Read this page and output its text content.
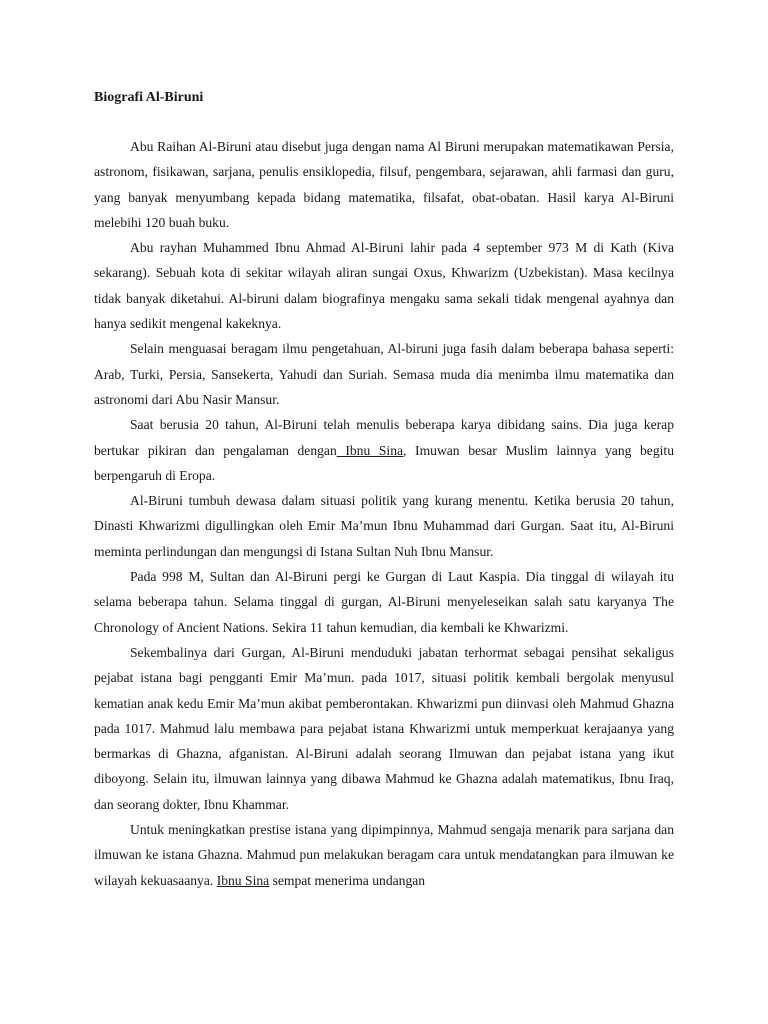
Biografi Al-Biruni

Abu Raihan Al-Biruni atau disebut juga dengan nama Al Biruni merupakan matematikawan Persia, astronom, fisikawan, sarjana, penulis ensiklopedia, filsuf, pengembara, sejarawan, ahli farmasi dan guru, yang banyak menyumbang kepada bidang matematika, filsafat, obat-obatan. Hasil karya Al-Biruni melebihi 120 buah buku.

Abu rayhan Muhammed Ibnu Ahmad Al-Biruni lahir pada 4 september 973 M di Kath (Kiva sekarang). Sebuah kota di sekitar wilayah aliran sungai Oxus, Khwarizm (Uzbekistan). Masa kecilnya tidak banyak diketahui. Al-biruni dalam biografinya mengaku sama sekali tidak mengenal ayahnya dan hanya sedikit mengenal kakeknya.

Selain menguasai beragam ilmu pengetahuan, Al-biruni juga fasih dalam beberapa bahasa seperti: Arab, Turki, Persia, Sansekerta, Yahudi dan Suriah. Semasa muda dia menimba ilmu matematika dan astronomi dari Abu Nasir Mansur.

Saat berusia 20 tahun, Al-Biruni telah menulis beberapa karya dibidang sains. Dia juga kerap bertukar pikiran dan pengalaman dengan Ibnu Sina, Imuwan besar Muslim lainnya yang begitu berpengaruh di Eropa.

Al-Biruni tumbuh dewasa dalam situasi politik yang kurang menentu. Ketika berusia 20 tahun, Dinasti Khwarizmi digullingkan oleh Emir Ma’mun Ibnu Muhammad dari Gurgan. Saat itu, Al-Biruni meminta perlindungan dan mengungsi di Istana Sultan Nuh Ibnu Mansur.

Pada 998 M, Sultan dan Al-Biruni pergi ke Gurgan di Laut Kaspia. Dia tinggal di wilayah itu selama beberapa tahun. Selama tinggal di gurgan, Al-Biruni menyeleseikan salah satu karyanya The Chronology of Ancient Nations. Sekira 11 tahun kemudian, dia kembali ke Khwarizmi.

Sekembalinya dari Gurgan, Al-Biruni menduduki jabatan terhormat sebagai pensihat sekaligus pejabat istana bagi pengganti Emir Ma’mun. pada 1017, situasi politik kembali bergolak menyusul kematian anak kedu Emir Ma’mun akibat pemberontakan. Khwarizmi pun diinvasi oleh Mahmud Ghazna pada 1017. Mahmud lalu membawa para pejabat istana Khwarizmi untuk memperkuat kerajaanya yang bermarkas di Ghazna, afganistan. Al-Biruni adalah seorang Ilmuwan dan pejabat istana yang ikut diboyong. Selain itu, ilmuwan lainnya yang dibawa Mahmud ke Ghazna adalah matematikus, Ibnu Iraq, dan seorang dokter, Ibnu Khammar.

Untuk meningkatkan prestise istana yang dipimpinnya, Mahmud sengaja menarik para sarjana dan ilmuwan ke istana Ghazna. Mahmud pun melakukan beragam cara untuk mendatangkan para ilmuwan ke wilayah kekuasaanya. Ibnu Sina sempat menerima undangan
